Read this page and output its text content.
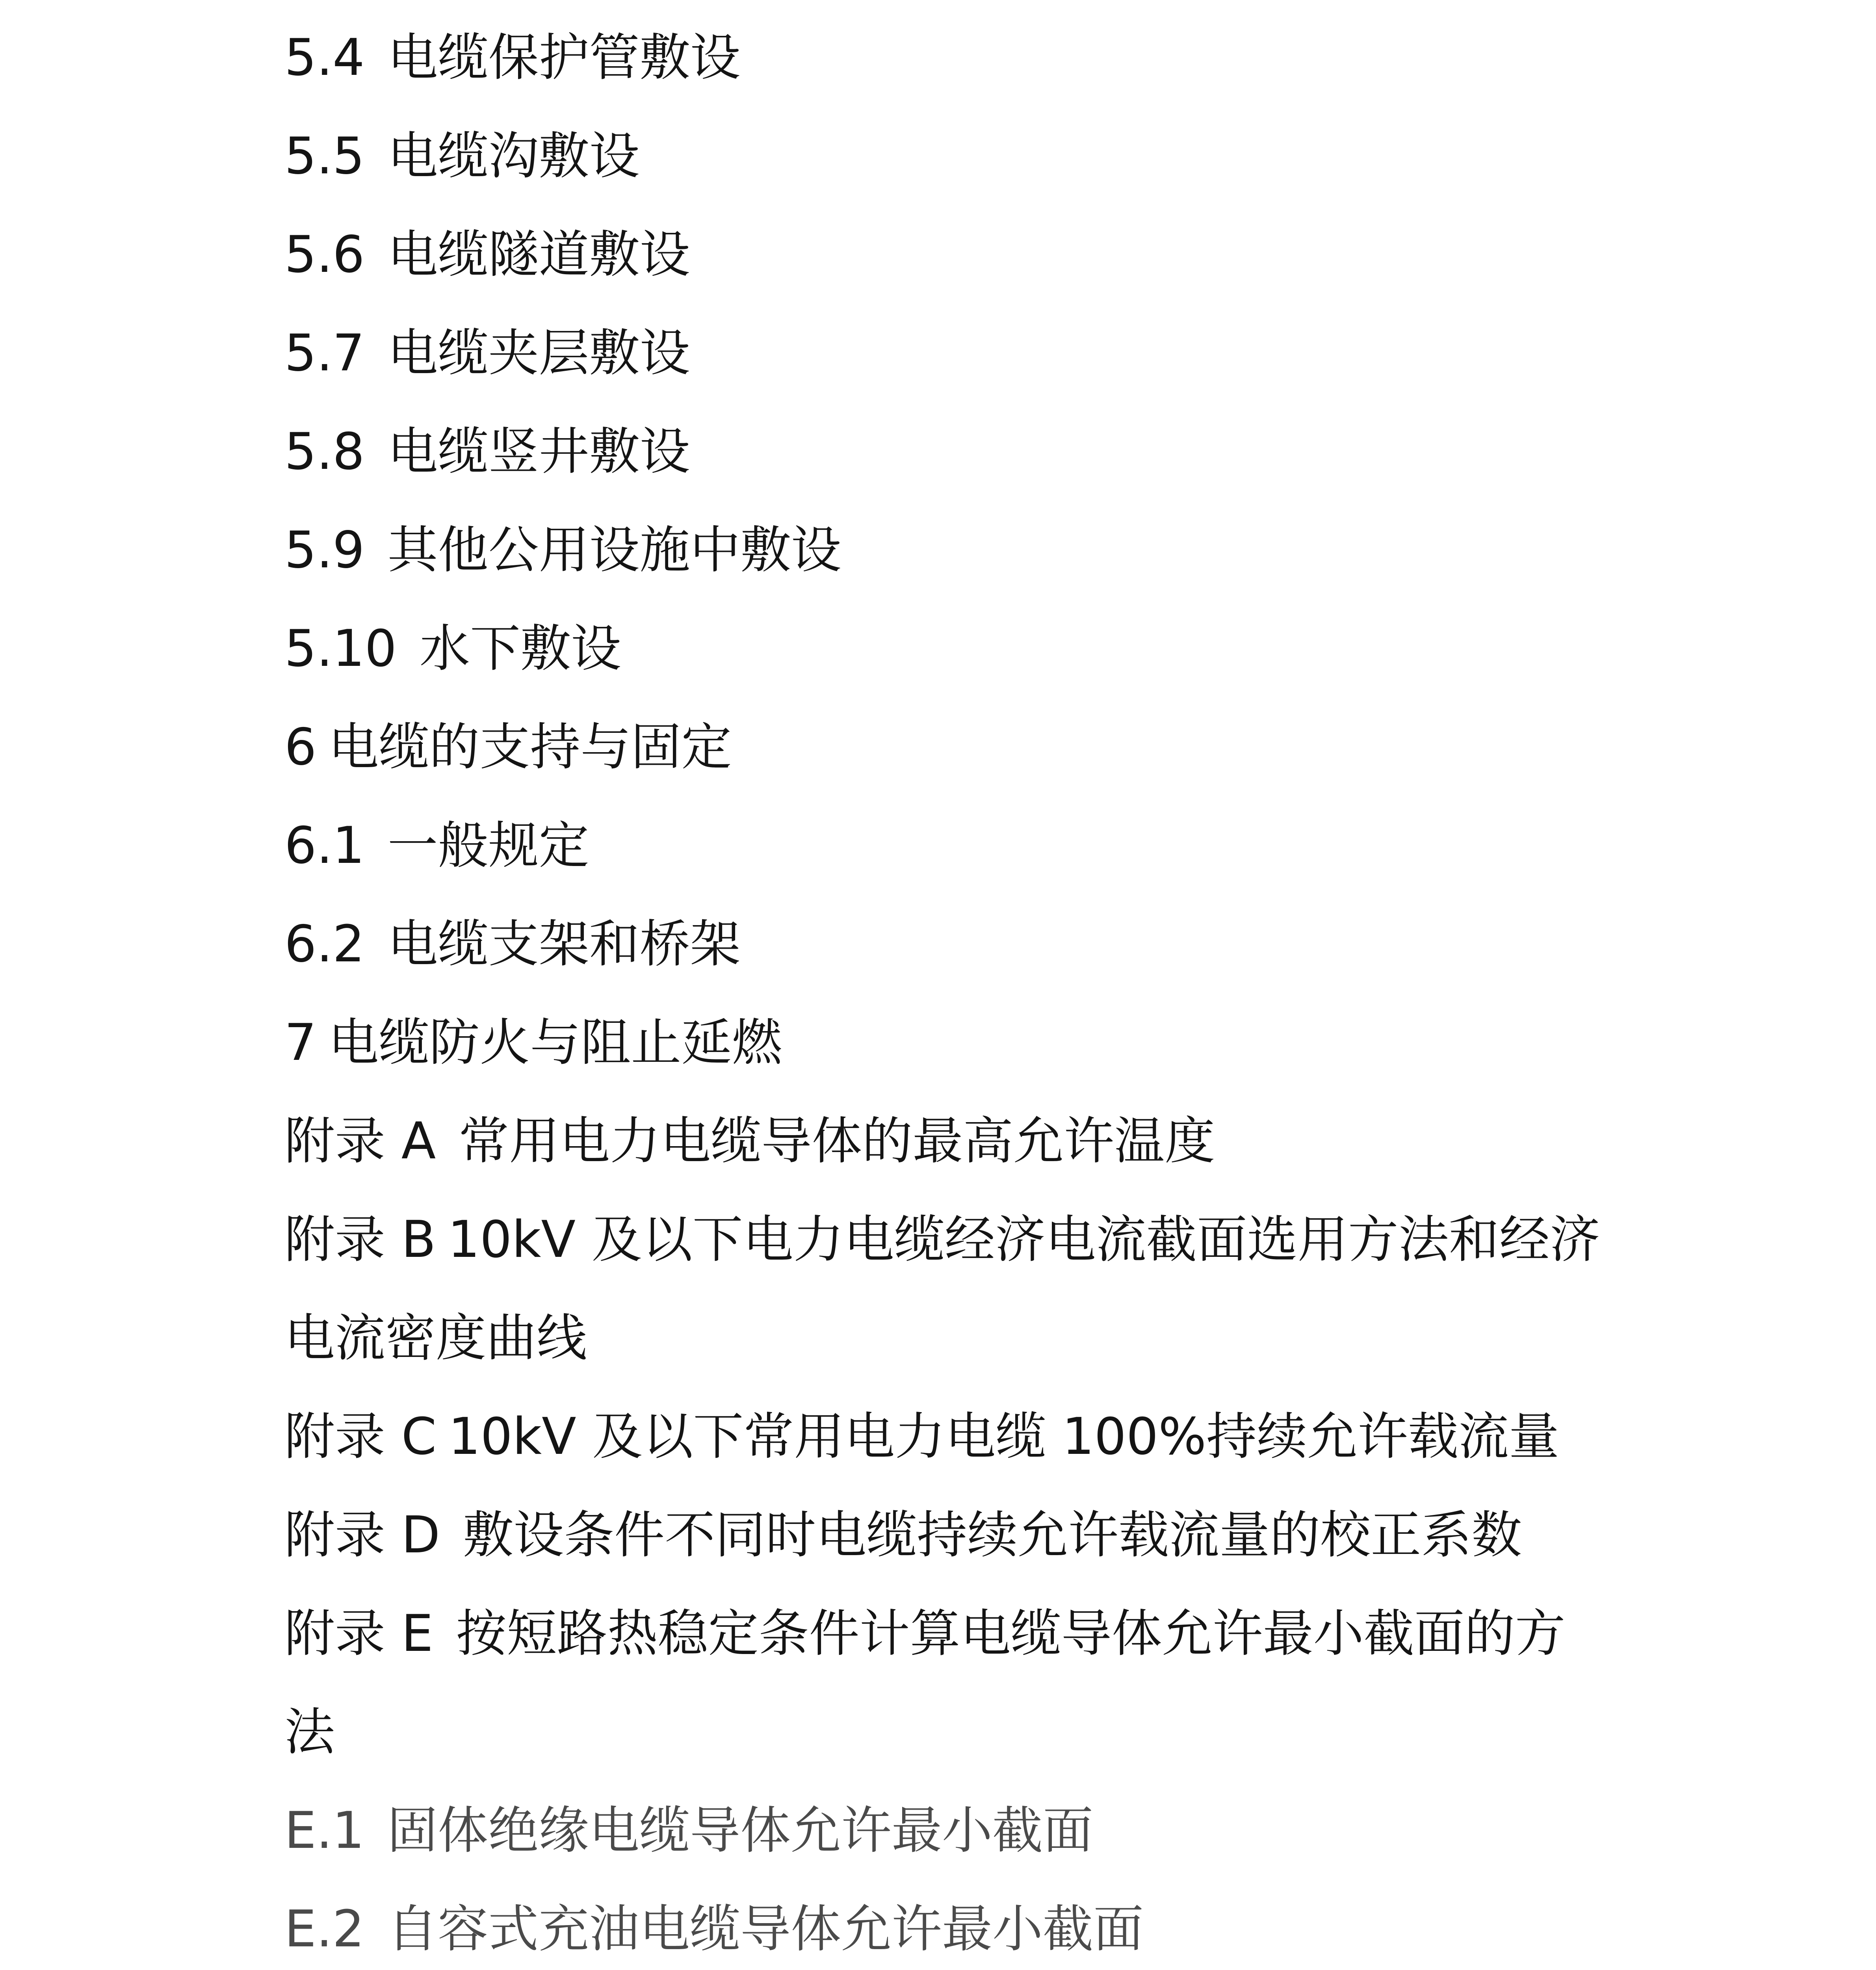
5.4 电缆保护管敷设
5.5 电缆沟敷设
5.6 电缆隧道敷设
5.7 电缆夹层敷设
5.8 电缆竖井敷设
5.9 其他公用设施中敷设
5.10 水下敷设
6 电缆的支持与固定
6.1 一般规定
6.2 电缆支架和桥架
7 电缆防火与阻止延燃
附录 A 常用电力电缆导体的最高允许温度
附录 B 10kV 及以下电力电缆经济电流截面选用方法和经济
电流密度曲线
附录 C 10kV 及以下常用电力电缆 100%持续允许载流量
附录 D 敷设条件不同时电缆持续允许载流量的校正系数
附录 E 按短路热稳定条件计算电缆导体允许最小截面的方
法
E.1 固体绝缘电缆导体允许最小截面
E.2 自容式充油电缆导体允许最小截面
